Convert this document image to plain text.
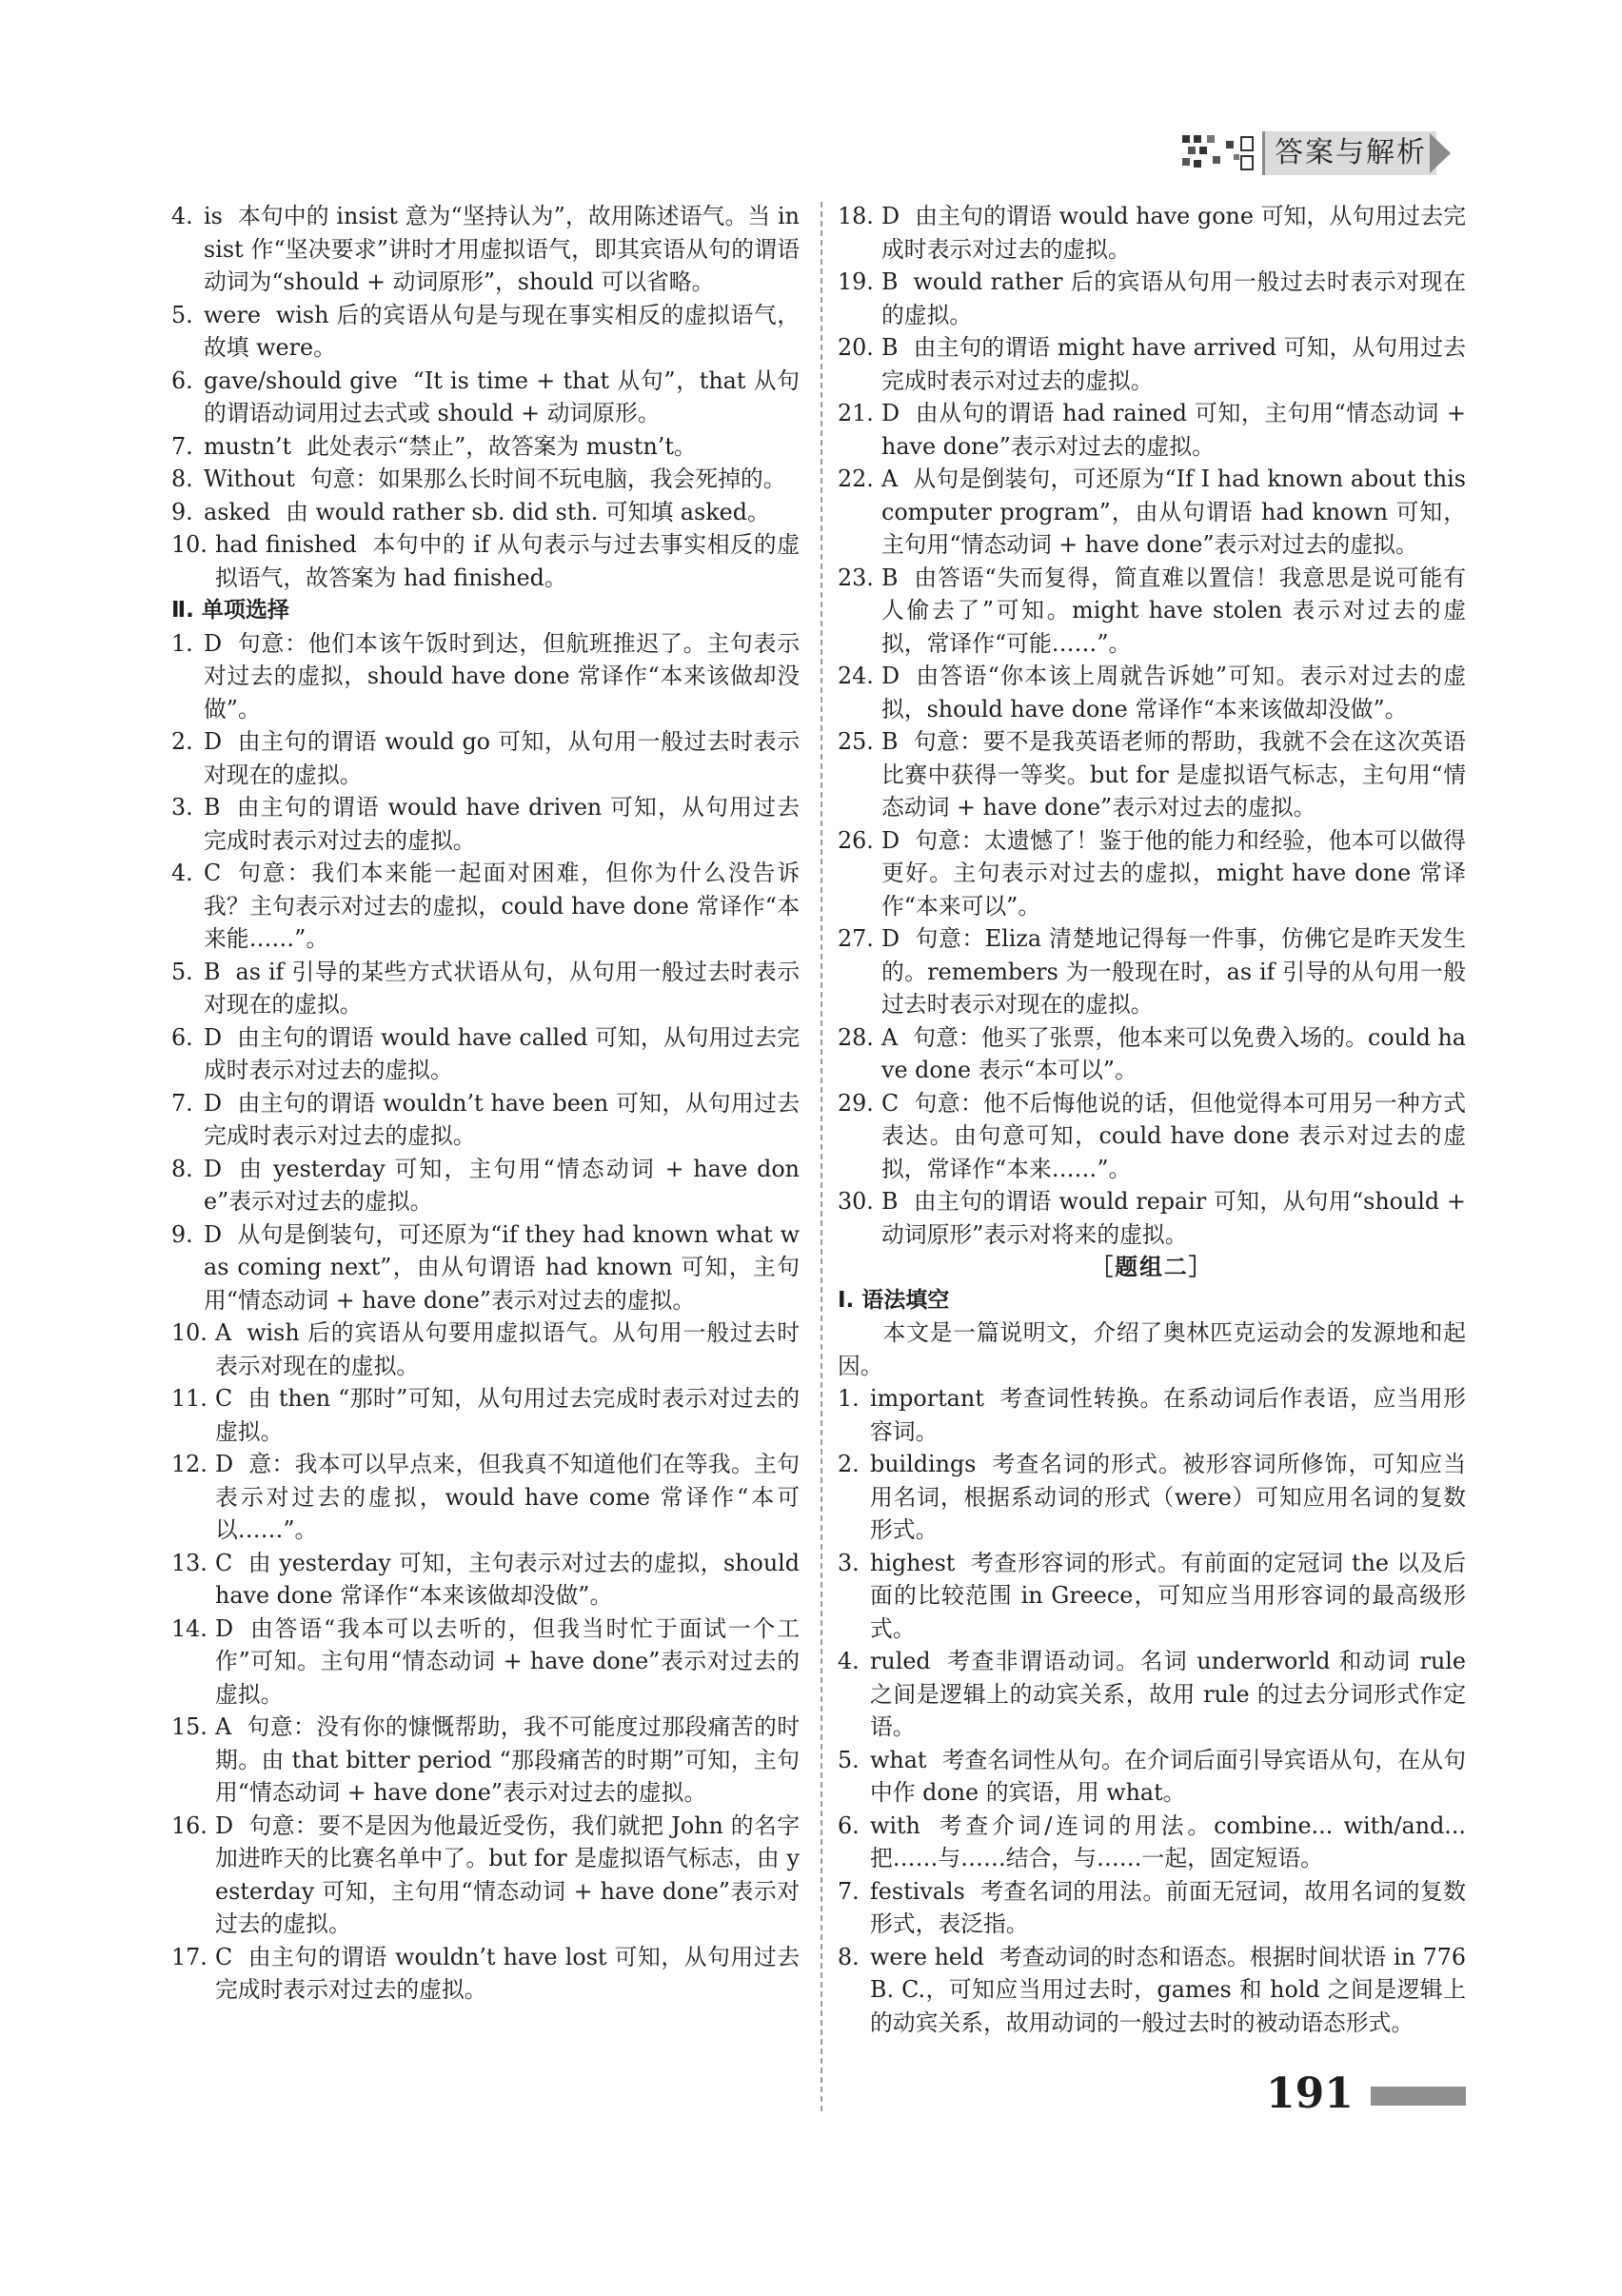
答案与解析
4. is 本句中的 insist 意为“坚持认为”，故用陈述语气。当 insist 作“坚决要求”讲时才用虚拟语气，即其宾语从句的谓语动词为“should + 动词原形”，should 可以省略。
5. were wish 后的宾语从句是与现在事实相反的虚拟语气，故填 were。
6. gave/should give “It is time + that 从句”，that 从句的谓语动词用过去式或 should + 动词原形。
7. mustn’t 此处表示“禁止”，故答案为 mustn’t。
8. Without 句意：如果那么长时间不玩电脑，我会死掉的。
9. asked 由 would rather sb. did sth. 可知填 asked。
10. had finished 本句中的 if 从句表示与过去事实相反的虚拟语气，故答案为 had finished。
Ⅱ. 单项选择
1. D 句意：他们本该午饭时到达，但航班推迟了。主句表示对过去的虚拟，should have done 常译作“本来该做却没做”。
2. D 由主句的谓语 would go 可知，从句用一般过去时表示对现在的虚拟。
3. B 由主句的谓语 would have driven 可知，从句用过去完成时表示对过去的虚拟。
4. C 句意：我们本来能一起面对困难，但你为什么没告诉我？主句表示对过去的虚拟，could have done 常译作“本来能……”。
5. B as if 引导的某些方式状语从句，从句用一般过去时表示对现在的虚拟。
6. D 由主句的谓语 would have called 可知，从句用过去完成时表示对过去的虚拟。
7. D 由主句的谓语 wouldn’t have been 可知，从句用过去完成时表示对过去的虚拟。
8. D 由 yesterday 可知，主句用“情态动词 + have done”表示对过去的虚拟。
9. D 从句是倒装句，可还原为“if they had known what was coming next”，由从句谓语 had known 可知，主句用“情态动词 + have done”表示对过去的虚拟。
10. A wish 后的宾语从句要用虚拟语气。从句用一般过去时表示对现在的虚拟。
11. C 由 then “那时”可知，从句用过去完成时表示对过去的虚拟。
12. D 意：我本可以早点来，但我真不知道他们在等我。主句表示对过去的虚拟，would have come 常译作“本可以……”。
13. C 由 yesterday 可知，主句表示对过去的虚拟，should have done 常译作“本来该做却没做”。
14. D 由答语“我本可以去听的，但我当时忙于面试一个工作”可知。主句用“情态动词 + have done”表示对过去的虚拟。
15. A 句意：没有你的慷慨帮助，我不可能度过那段痛苦的时期。由 that bitter period “那段痛苦的时期”可知，主句用“情态动词 + have done”表示对过去的虚拟。
16. D 句意：要不是因为他最近受伤，我们就把 John 的名字加进昨天的比赛名单中了。but for 是虚拟语气标志，由 yesterday 可知，主句用“情态动词 + have done”表示对过去的虚拟。
17. C 由主句的谓语 wouldn’t have lost 可知，从句用过去完成时表示对过去的虚拟。
18. D 由主句的谓语 would have gone 可知，从句用过去完成时表示对过去的虚拟。
19. B would rather 后的宾语从句用一般过去时表示对现在的虚拟。
20. B 由主句的谓语 might have arrived 可知，从句用过去完成时表示对过去的虚拟。
21. D 由从句的谓语 had rained 可知，主句用“情态动词 + have done”表示对过去的虚拟。
22. A 从句是倒装句，可还原为“If I had known about this computer program”，由从句谓语 had known 可知，主句用“情态动词 + have done”表示对过去的虚拟。
23. B 由答语“失而复得，简直难以置信！我意思是说可能有人偷去了”可知。might have stolen 表示对过去的虚拟，常译作“可能……”。
24. D 由答语“你本该上周就告诉她”可知。表示对过去的虚拟，should have done 常译作“本来该做却没做”。
25. B 句意：要不是我英语老师的帮助，我就不会在这次英语比赛中获得一等奖。but for 是虚拟语气标志，主句用“情态动词 + have done”表示对过去的虚拟。
26. D 句意：太遗憾了！鉴于他的能力和经验，他本可以做得更好。主句表示对过去的虚拟，might have done 常译作“本来可以”。
27. D 句意：Eliza 清楚地记得每一件事，仿佛它是昨天发生的。remembers 为一般现在时，as if 引导的从句用一般过去时表示对现在的虚拟。
28. A 句意：他买了张票，他本来可以免费入场的。could have done 表示“本可以”。
29. C 句意：他不后悔他说的话，但他觉得本可用另一种方式表达。由句意可知，could have done 表示对过去的虚拟，常译作“本来……”。
30. B 由主句的谓语 would repair 可知，从句用“should + 动词原形”表示对将来的虚拟。
［题组二］
Ⅰ. 语法填空
本文是一篇说明文，介绍了奥林匹克运动会的发源地和起因。
1. important 考查词性转换。在系动词后作表语，应当用形容词。
2. buildings 考查名词的形式。被形容词所修饰，可知应当用名词，根据系动词的形式（were）可知应用名词的复数形式。
3. highest 考查形容词的形式。有前面的定冠词 the 以及后面的比较范围 in Greece，可知应当用形容词的最高级形式。
4. ruled 考查非谓语动词。名词 underworld 和动词 rule 之间是逻辑上的动宾关系，故用 rule 的过去分词形式作定语。
5. what 考查名词性从句。在介词后面引导宾语从句，在从句中作 done 的宾语，用 what。
6. with 考查介词/连词的用法。combine... with/and... 把……与……结合，与……一起，固定短语。
7. festivals 考查名词的用法。前面无冠词，故用名词的复数形式，表泛指。
8. were held 考查动词的时态和语态。根据时间状语 in 776 B. C.，可知应当用过去时，games 和 hold 之间是逻辑上的动宾关系，故用动词的一般过去时的被动语态形式。
191
